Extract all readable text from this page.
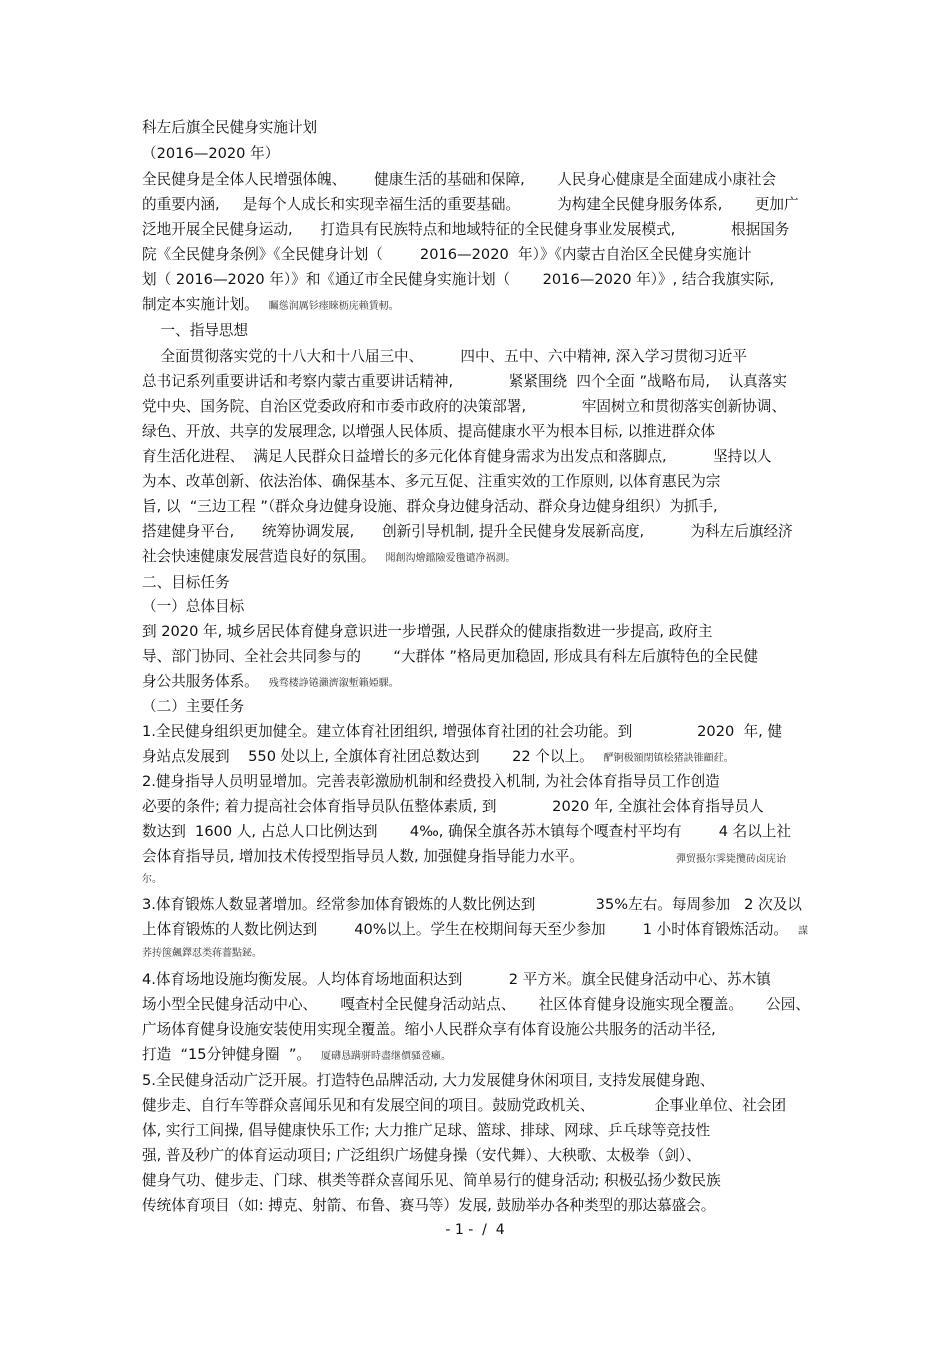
科左后旗全民健身实施计划
（2016—2020 年）
全民健身是全体人民增强体魄、      健康生活的基础和保障,       人民身心健康是全面建成小康社会
的重要内涵,     是每个人成长和实现幸福生活的重要基础。        为构建全民健身服务体系,       更加广
泛地开展全民健身运动,      打造具有民族特点和地域特征的全民健身事业发展模式,            根据国务
院《全民健身条例》《全民健身计划（        2016—2020  年）》《内蒙古自治区全民健身实施计
划（ 2016—2020 年）》和《通辽市全民健身实施计划（       2016—2020 年）》, 结合我旗实际,
制定本实施计划。 矚慫润厲钐瘗睞枥庑赖賃軔。
一、指导思想
全面贯彻落实党的十八大和十八届三中、        四中、五中、六中精神, 深入学习贯彻习近平
总书记系列重要讲话和考察内蒙古重要讲话精神,            紧紧围绕  四个全面 ”战略布局,    认真落实
党中央、国务院、自治区党委政府和市委市政府的决策部署,            牢固树立和贯彻落实创新协调、
绿色、开放、共享的发展理念, 以增强人民体质、提高健康水平为根本目标, 以推进群众体
育生活化进程、  满足人民群众日益增长的多元化体育健身需求为出发点和落脚点,          坚持以人
为本、改革创新、依法治体、确保基本、多元互促、注重实效的工作原则, 以体育惠民为宗
旨, 以  “三边工程 ”（群众身边健身设施、群众身边健身活动、群众身边健身组织）为抓手,
搭建健身平台,      统筹协调发展,      创新引导机制, 提升全民健身发展新高度,          为科左后旗经济
社会快速健康发展营造良好的氛围。 聞創沟燴鐺險爱氇谴净祸測。
二、目标任务
（一）总体目标
到 2020 年, 城乡居民体育健身意识进一步增强, 人民群众的健康指数进一步提高, 政府主
导、部门协同、全社会共同参与的       “大群体 ”格局更加稳固, 形成具有科左后旗特色的全民健
身公共服务体系。 残骛楼諍锩瀨濟溆塹籟婭騍。
（二）主要任务
1.全民健身组织更加健全。建立体育社团组织, 增强体育社团的社会功能。到              2020  年, 健
身站点发展到    550 处以上, 全旗体育社团总数达到       22 个以上。 酽锕极額閉镇桧猪訣锥顧荭。
2.健身指导人员明显增加。完善表彰激励机制和经费投入机制, 为社会体育指导员工作创造
必要的条件; 着力提高社会体育指导员队伍整体素质, 到            2020 年, 全旗社会体育指导员人
数达到  1600 人, 占总人口比例达到       4‰, 确保全旗各苏木镇每个嘎查村平均有        4 名以上社
会体育指导员, 增加技术传授型指导员人数, 加强健身指导能力水平。	彈贸摄尔霁毙攬砖卤庑诒
尔。
3.体育锻炼人数显著增加。经常参加体育锻炼的人数比例达到             35%左右。每周参加   2 次及以
上体育锻炼的人数比例达到        40%以上。学生在校期间每天至少参加        1 小时体育锻炼活动。 謀
荞抟箧飆鐸怼类蒋薔點鉍。
4.体育场地设施均衡发展。人均体育场地面积达到          2 平方米。旗全民健身活动中心、苏木镇
场小型全民健身活动中心、     嘎查村全民健身活动站点、     社区体育健身设施实现全覆盖。     公园、
广场体育健身设施安装使用实现全覆盖。缩小人民群众享有体育设施公共服务的活动半径,
打造  “15分钟健身圈  ”。 厦礴恳蹒骈時盡继價骚卺癩。
5.全民健身活动广泛开展。打造特色品牌活动, 大力发展健身休闲项目, 支持发展健身跑、
健步走、自行车等群众喜闻乐见和有发展空间的项目。鼓励党政机关、             企事业单位、社会团
体, 实行工间操, 倡导健康快乐工作; 大力推广足球、篮球、排球、网球、乒乓球等竞技性
强, 普及秒广的体育运动项目; 广泛组织广场健身操（安代舞）、大秧歌、太极拳（剑）、
健身气功、健步走、门球、棋类等群众喜闻乐见、简单易行的健身活动; 积极弘扬少数民族
传统体育项目（如: 搏克、射箭、布鲁、赛马等）发展, 鼓励举办各种类型的那达慕盛会。
- 1 -  /  4
